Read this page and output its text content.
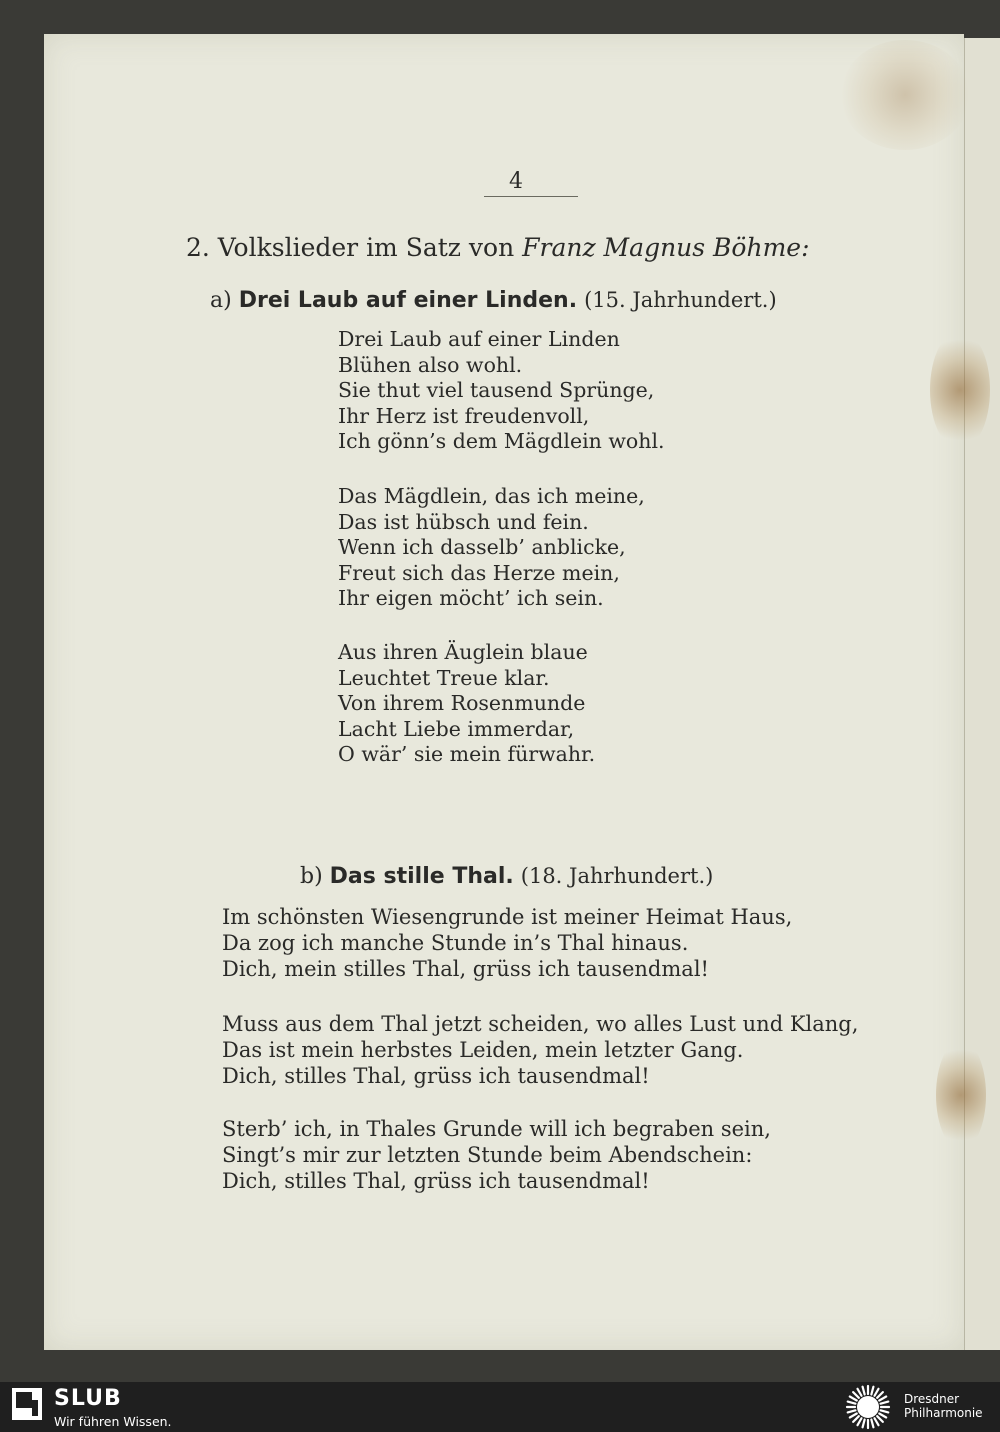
4
2. Volkslieder im Satz von Franz Magnus Böhme:
a) Drei Laub auf einer Linden. (15. Jahrhundert.)
Drei Laub auf einer Linden
Blühen also wohl.
Sie thut viel tausend Sprünge,
Ihr Herz ist freudenvoll,
Ich gönn’s dem Mägdlein wohl.
Das Mägdlein, das ich meine,
Das ist hübsch und fein.
Wenn ich dasselb’ anblicke,
Freut sich das Herze mein,
Ihr eigen möcht’ ich sein.
Aus ihren Äuglein blaue
Leuchtet Treue klar.
Von ihrem Rosenmunde
Lacht Liebe immerdar,
O wär’ sie mein fürwahr.
b) Das stille Thal. (18. Jahrhundert.)
Im schönsten Wiesengrunde ist meiner Heimat Haus,
Da zog ich manche Stunde in’s Thal hinaus.
Dich, mein stilles Thal, grüss ich tausendmal!
Muss aus dem Thal jetzt scheiden, wo alles Lust und Klang,
Das ist mein herbstes Leiden, mein letzter Gang.
Dich, stilles Thal, grüss ich tausendmal!
Sterb’ ich, in Thales Grunde will ich begraben sein,
Singt’s mir zur letzten Stunde beim Abendschein:
Dich, stilles Thal, grüss ich tausendmal!
SLUB
Wir führen Wissen.
Dresdner
Philharmonie
